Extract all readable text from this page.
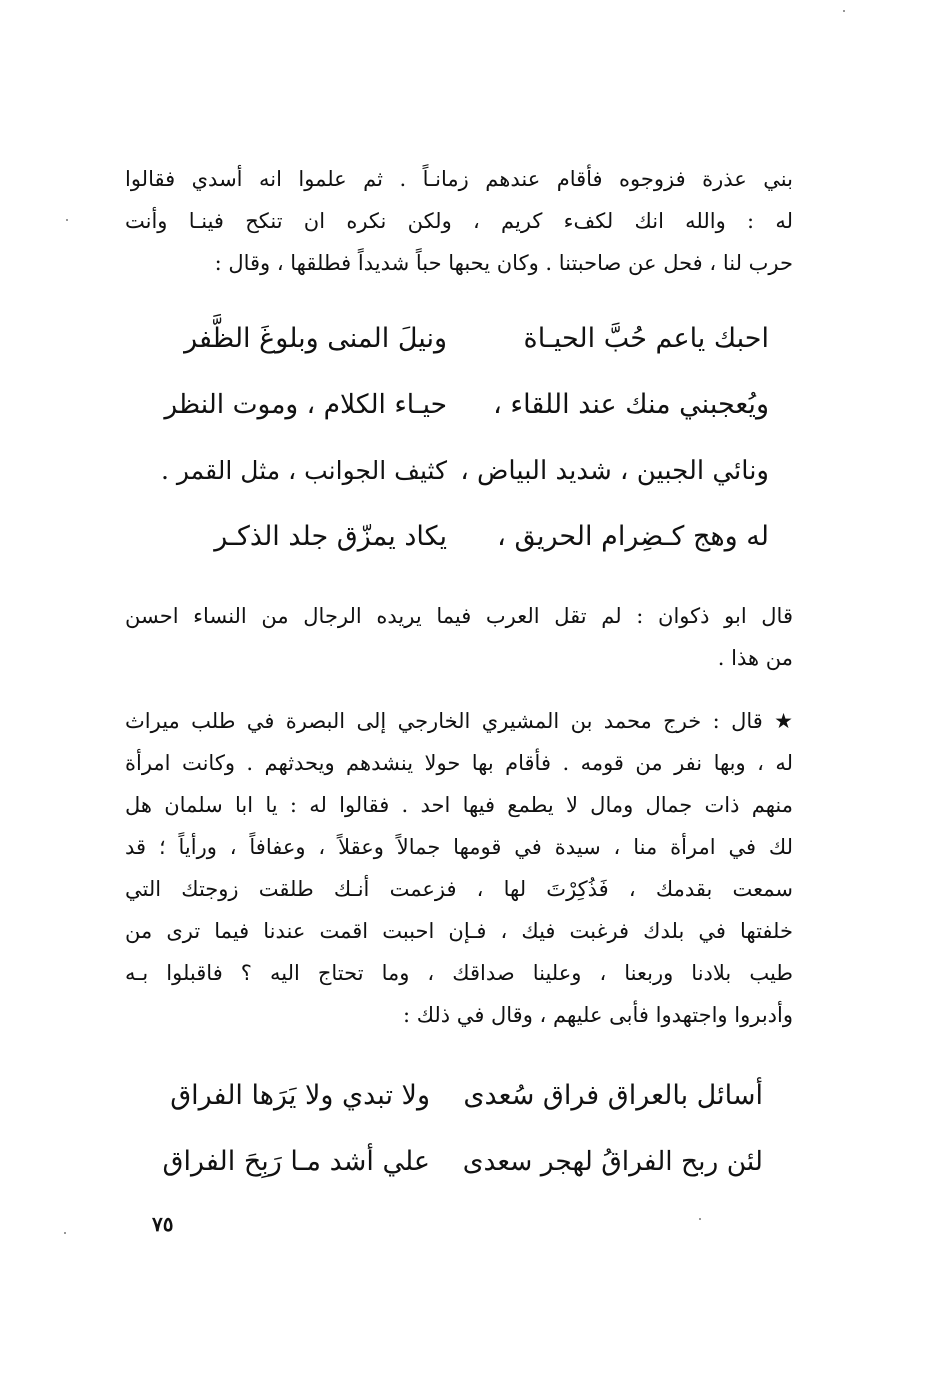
بني عذرة فزوجوه فأقام عندهم زمانـاً . ثم علموا انه أسدي فقالوا
له : والله انك لكفء كريم ، ولكن نكره ان تنكح فينـا وأنت
حرب لنا ، فحل عن صاحبتنا . وكان يحبها حباً شديداً فطلقها ، وقال :
احبك ياعم حُبَّ الحيـاة
ونيلَ المنى وبلوغَ الظَّفر
ويُعجبني منك عند اللقاء ،
حيـاء الكلام ، وموت النظر
ونائي الجبين ، شديد البياض ،
كثيف الجوانب ، مثل القمر .
له وهج كـضِرام الحريق ،
يكاد يمزّق جلد الذكـر
قال ابو ذكوان : لم تقل العرب فيما يريده الرجال من النساء احسن
من هذا .
★ قال : خرج محمد بن المشيري الخارجي إلى البصرة في طلب ميراث
له ، وبها نفر من قومه . فأقام بها حولا ينشدهم ويحدثهم . وكانت امرأة
منهم ذات جمال ومال لا يطمع فيها احد . فقالوا له : يا ابا سلمان هل
لك في امرأة منا ، سيدة في قومها جمالاً وعقلاً ، وعفافاً ، ورأياً ؛ قد
سمعت بقدمك ، فَذُكِرْتَ لها ، فزعمت أنـك طلقت زوجتك التي
خلفتها في بلدك فرغبت فيك ، فـإن احببت اقمت عندنا فيما ترى من
طيب بلادنا وربعنا ، وعلينا صداقك ، وما تحتاج اليه ؟ فاقبلوا بـه
وأدبروا واجتهدوا فأبى عليهم ، وقال في ذلك :
أسائل بالعراق فراق سُعدى
ولا تبدي ولا يَرَها الفراق
لئن ربح الفراقُ لهجر سعدى
علي أشد مـا رَبِحَ الفراق
٧٥
